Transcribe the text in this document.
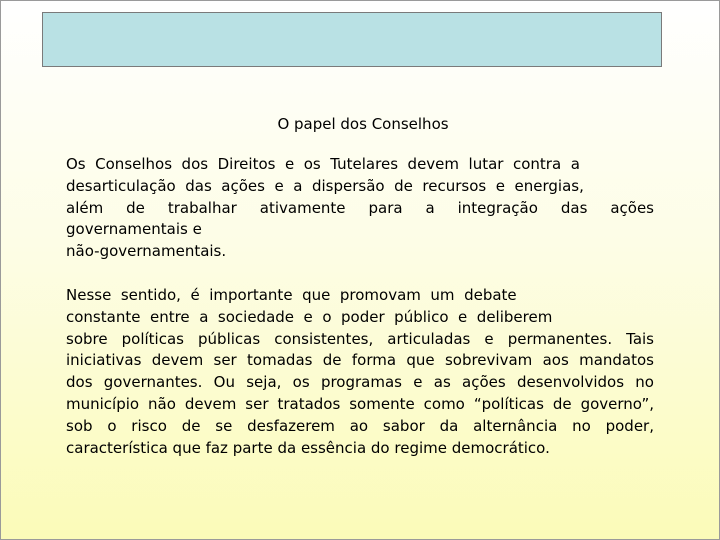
O papel dos Conselhos

Os  Conselhos  dos  Direitos  e  os  Tutelares  devem  lutar  contra  a
desarticulação  das  ações  e  a  dispersão  de  recursos  e  energias,
além de trabalhar ativamente para a integração das ações
governamentais e
não-governamentais.

Nesse  sentido,  é  importante  que  promovam  um  debate
constante  entre  a  sociedade  e  o  poder  público  e  deliberem
sobre políticas públicas consistentes, articuladas e permanentes. Tais
iniciativas devem ser tomadas de forma que sobrevivam aos mandatos
dos governantes. Ou seja, os programas e as ações desenvolvidos no
município não devem ser tratados somente como “políticas de governo”,
sob o risco de se desfazerem ao sabor da alternância no poder,
característica que faz parte da essência do regime democrático.
